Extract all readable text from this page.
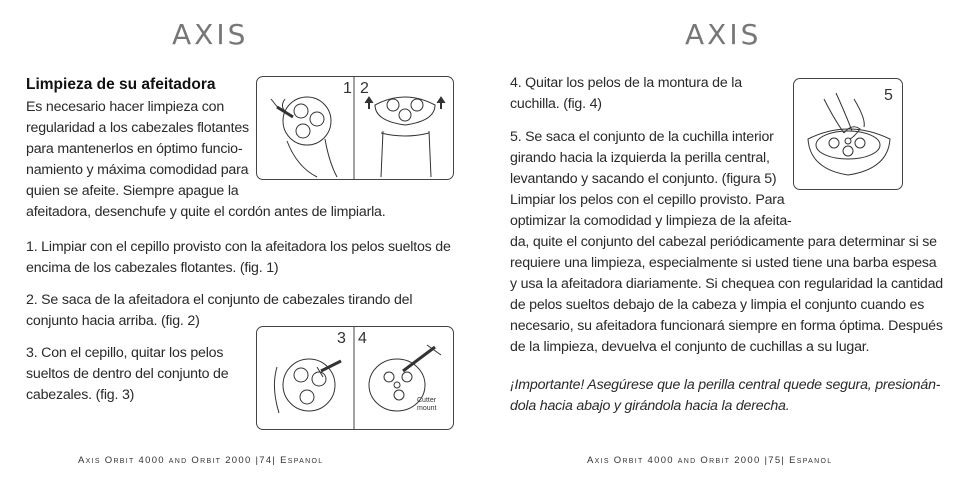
AXIS
Limpieza de su afeitadora
Es necesario hacer limpieza con
regularidad a los cabezales flotantes
para mantenerlos en óptimo funcio-
namiento y máxima comodidad para
quien se afeite. Siempre apague la
afeitadora, desenchufe y quite el cordón antes de limpiarla.
1. Limpiar con el cepillo provisto con la afeitadora los pelos sueltos de
encima de los cabezales flotantes. (fig. 1)
2. Se saca de la afeitadora el conjunto de cabezales tirando del
conjunto hacia arriba. (fig. 2)
3. Con el cepillo, quitar los pelos
sueltos de dentro del conjunto de
cabezales. (fig. 3)
1 2
3 4
Cutter
mount
Axis Orbit 4000 and Orbit 2000 |74| Espanol
AXIS
4. Quitar los pelos de la montura de la
cuchilla. (fig. 4)
5. Se saca el conjunto de la cuchilla interior
girando hacia la izquierda la perilla central,
levantando y sacando el conjunto. (figura 5)
Limpiar los pelos con el cepillo provisto. Para
optimizar la comodidad y limpieza de la afeita-
da, quite el conjunto del cabezal periódicamente para determinar si se
requiere una limpieza, especialmente si usted tiene una barba espesa
y usa la afeitadora diariamente. Si chequea con regularidad la cantidad
de pelos sueltos debajo de la cabeza y limpia el conjunto cuando es
necesario, su afeitadora funcionará siempre en forma óptima. Después
de la limpieza, devuelva el conjunto de cuchillas a su lugar.
¡Importante! Asegúrese que la perilla central quede segura, presionán-
dola hacia abajo y girándola hacia la derecha.
5
Axis Orbit 4000 and Orbit 2000 |75| Espanol
